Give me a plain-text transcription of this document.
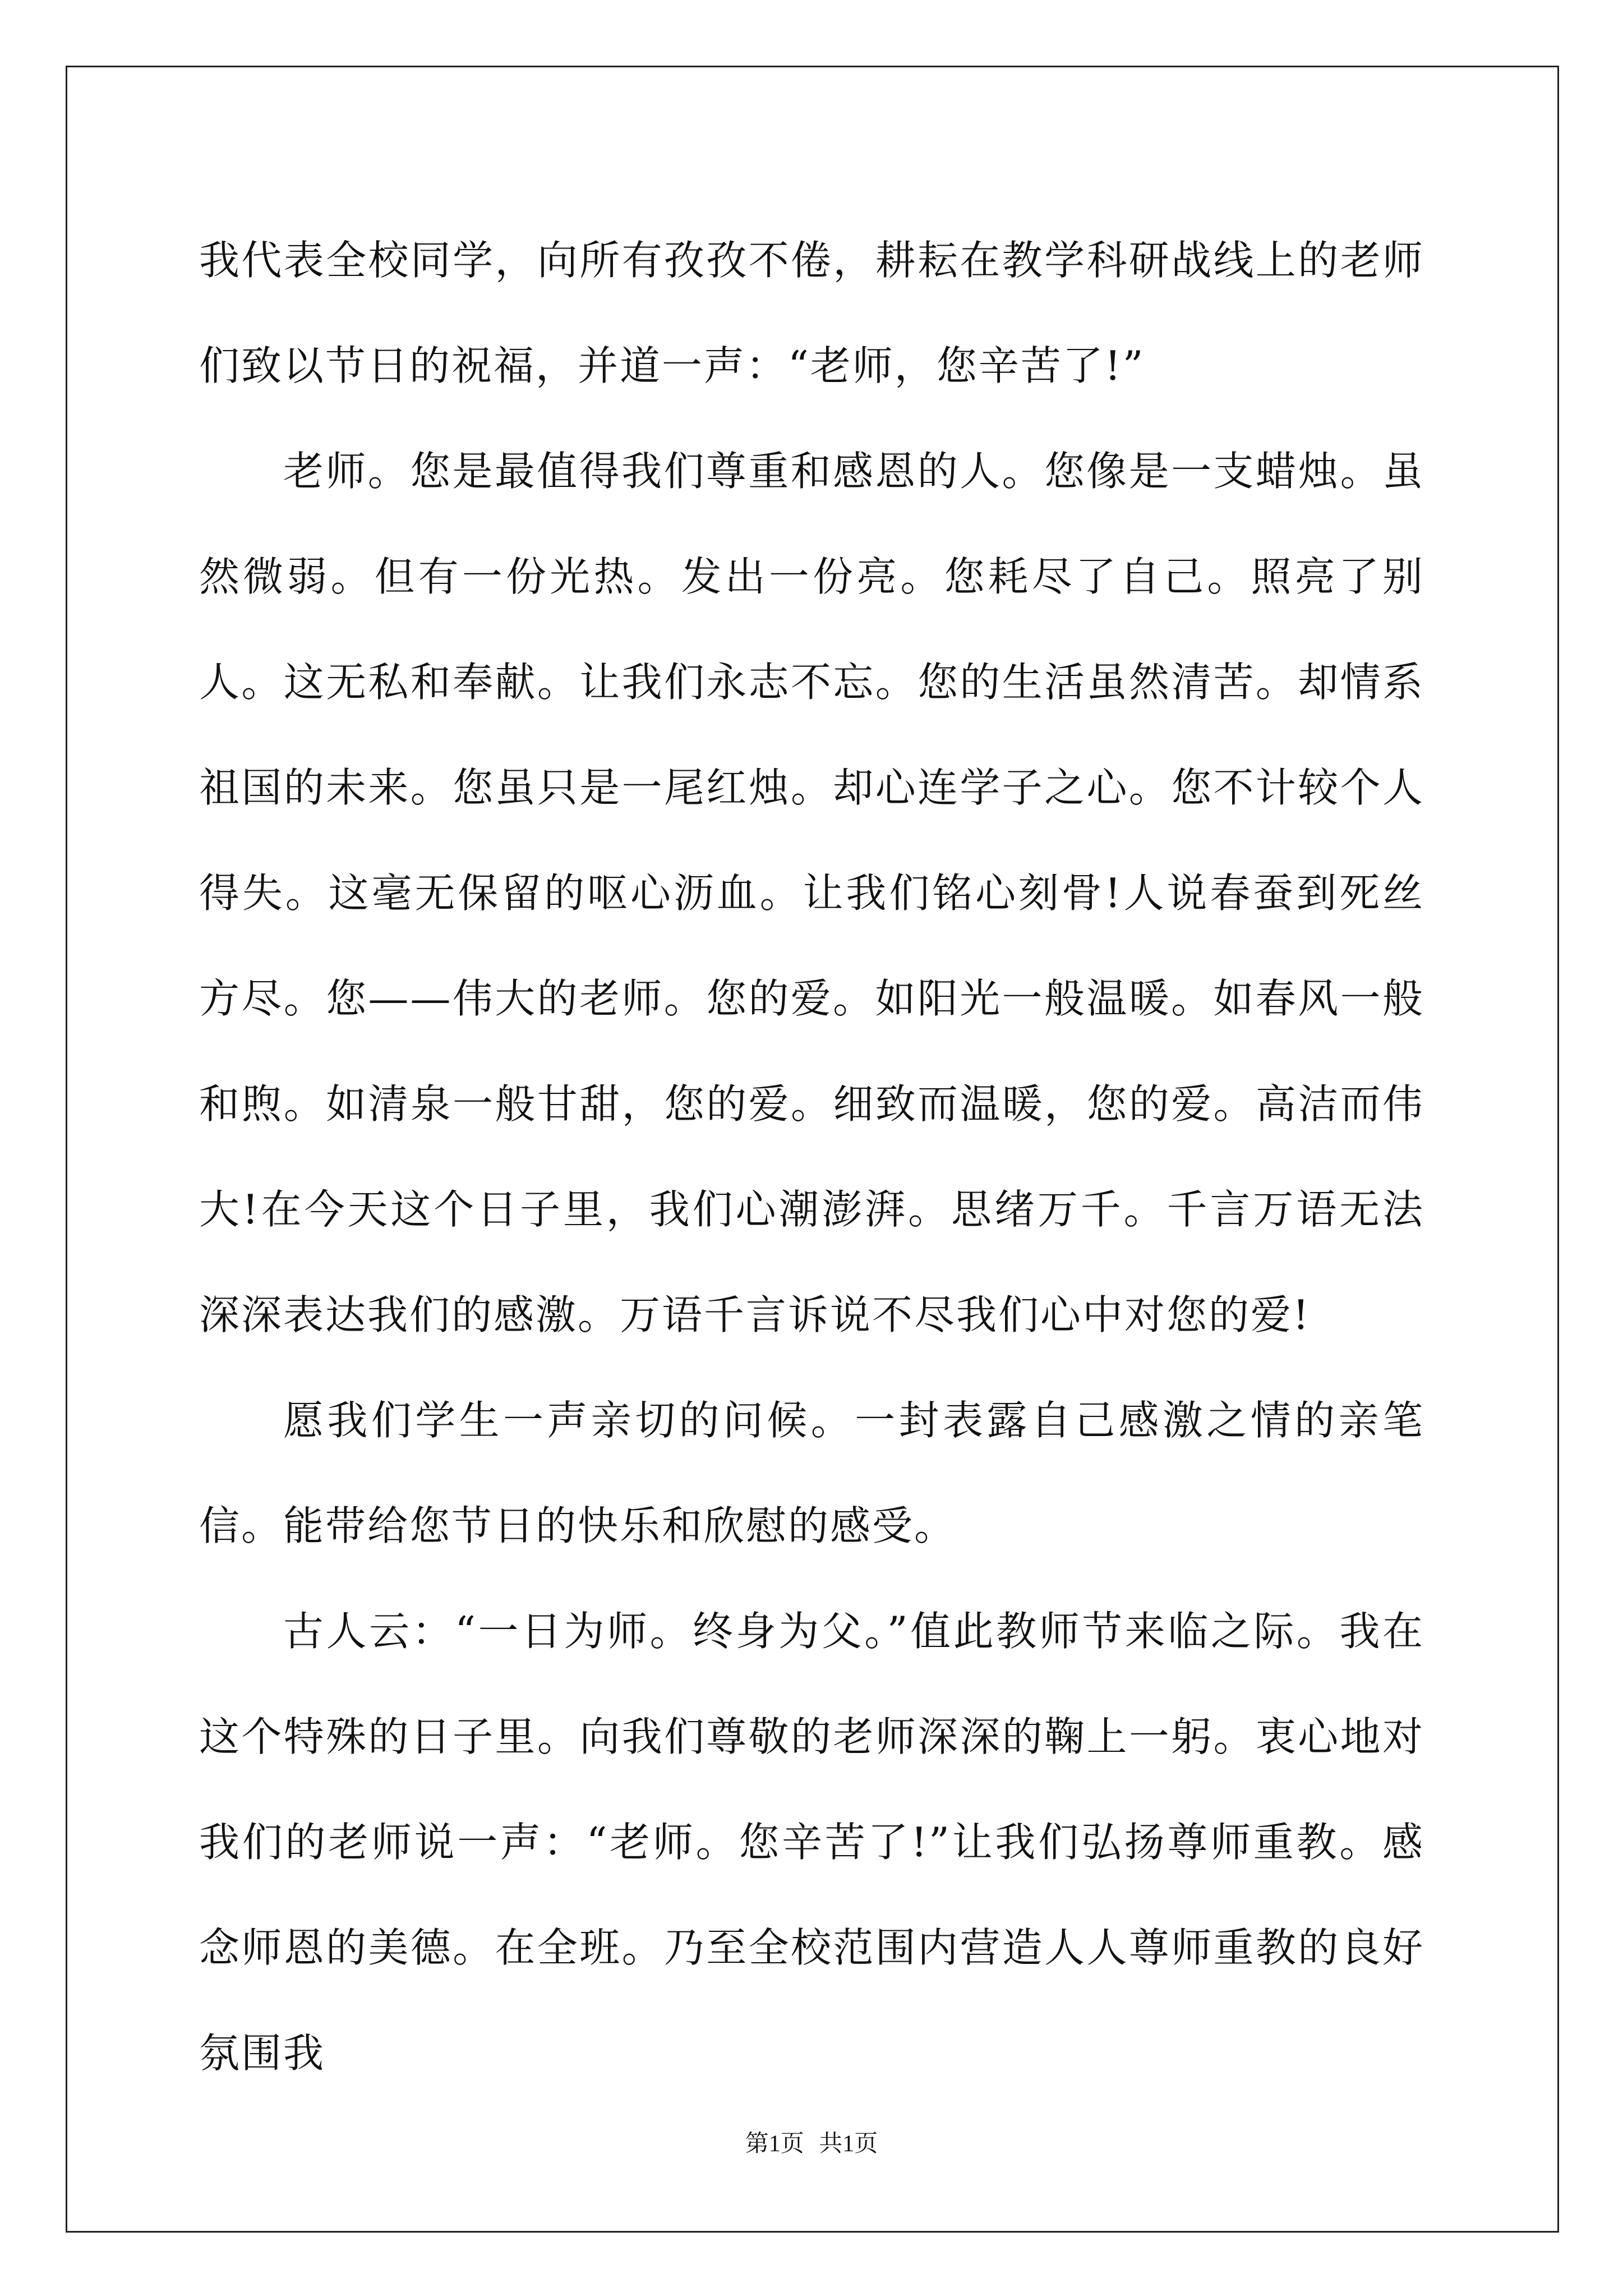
我代表全校同学，向所有孜孜不倦，耕耘在教学科研战线上的老师们致以节日的祝福，并道一声：“老师，您辛苦了!”

老师。您是最值得我们尊重和感恩的人。您像是一支蜡烛。虽然微弱。但有一份光热。发出一份亮。您耗尽了自己。照亮了别人。这无私和奉献。让我们永志不忘。您的生活虽然清苦。却情系祖国的未来。您虽只是一尾红烛。却心连学子之心。您不计较个人得失。这毫无保留的呕心沥血。让我们铭心刻骨!人说春蚕到死丝方尽。您——伟大的老师。您的爱。如阳光一般温暖。如春风一般和煦。如清泉一般甘甜，您的爱。细致而温暖，您的爱。高洁而伟大!在今天这个日子里，我们心潮澎湃。思绪万千。千言万语无法深深表达我们的感激。万语千言诉说不尽我们心中对您的爱!

愿我们学生一声亲切的问候。一封表露自己感激之情的亲笔信。能带给您节日的快乐和欣慰的感受。

古人云：“一日为师。终身为父。”值此教师节来临之际。我在这个特殊的日子里。向我们尊敬的老师深深的鞠上一躬。衷心地对我们的老师说一声：“老师。您辛苦了!”让我们弘扬尊师重教。感念师恩的美德。在全班。乃至全校范围内营造人人尊师重教的良好氛围我

第1页 共1页
